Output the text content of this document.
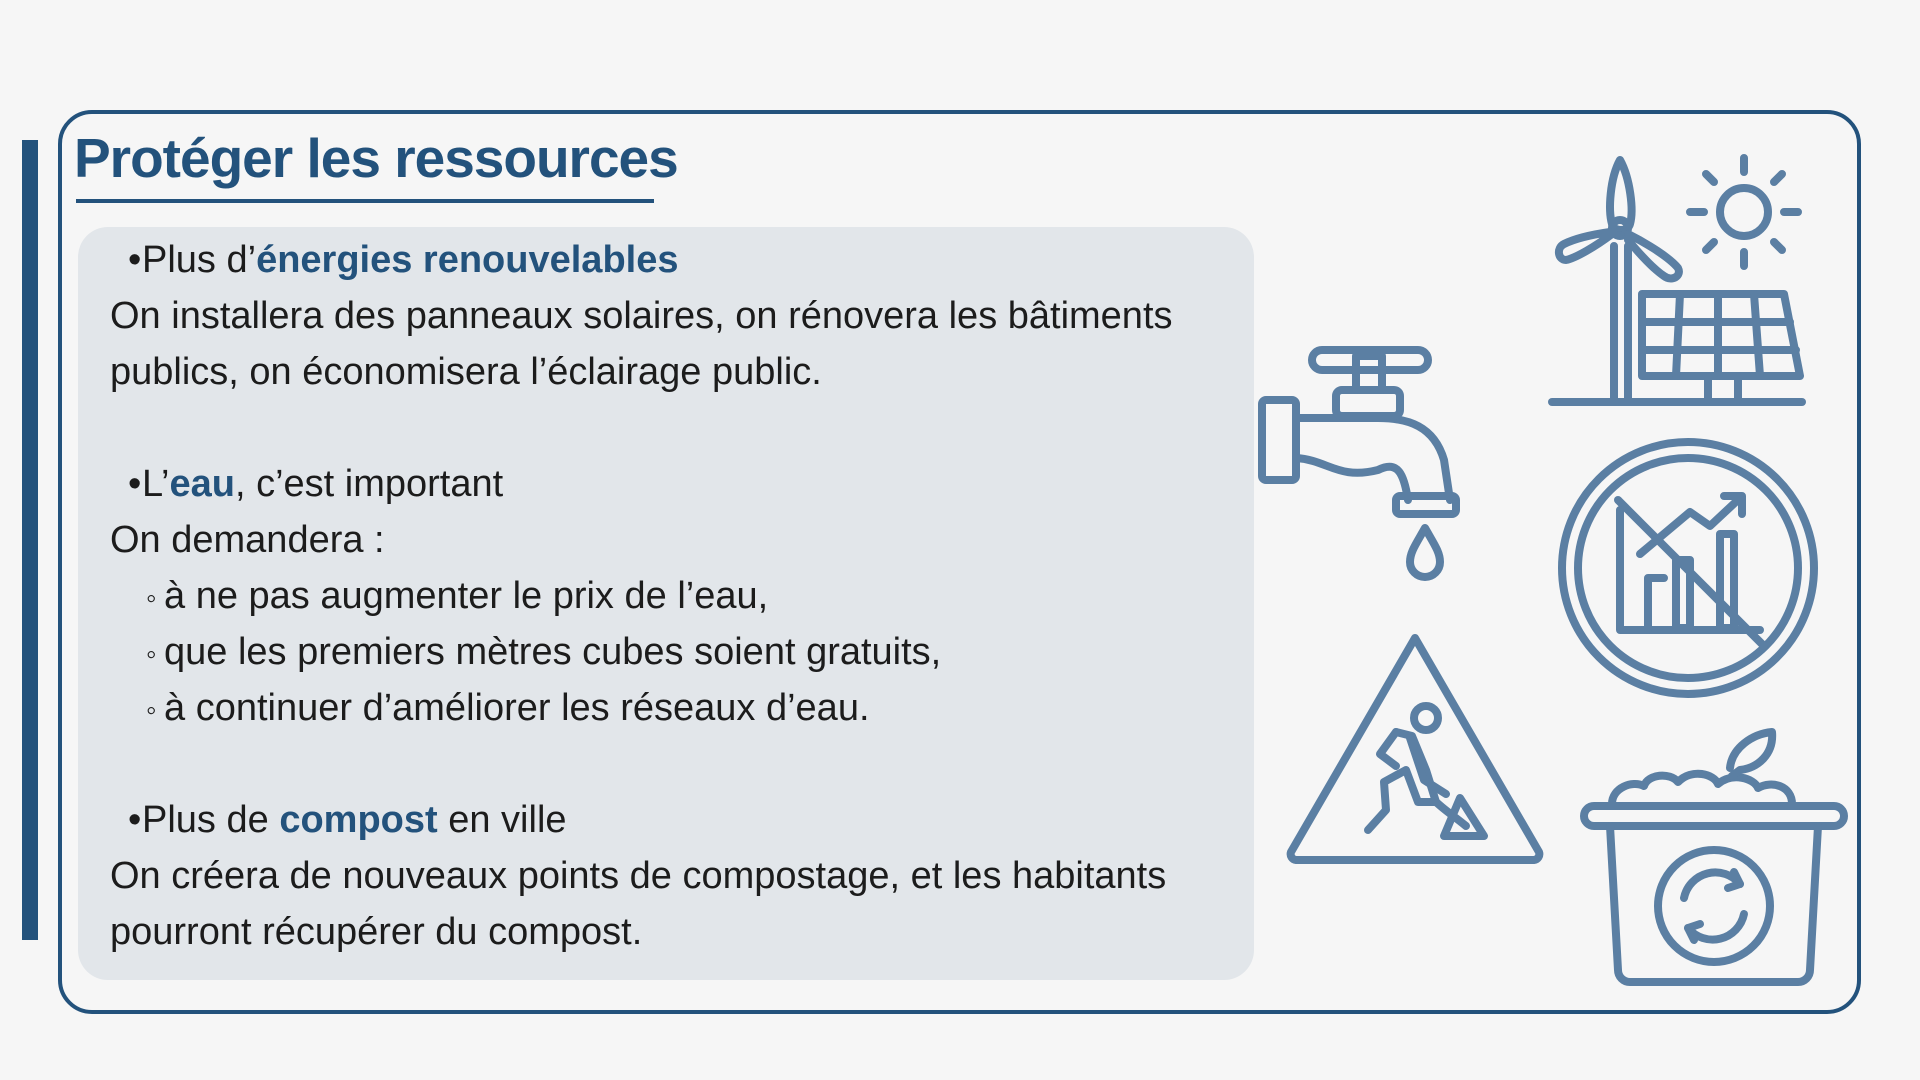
Protéger les ressources
•Plus d’énergies renouvelables
On installera des panneaux solaires, on rénovera les bâtiments
publics, on économisera l’éclairage public.
•L’eau, c’est important
On demandera :
◦ à ne pas augmenter le prix de l’eau,
◦ que les premiers mètres cubes soient gratuits,
◦ à continuer d’améliorer les réseaux d’eau.
•Plus de compost en ville
On créera de nouveaux points de compostage, et les habitants
pourront récupérer du compost.
